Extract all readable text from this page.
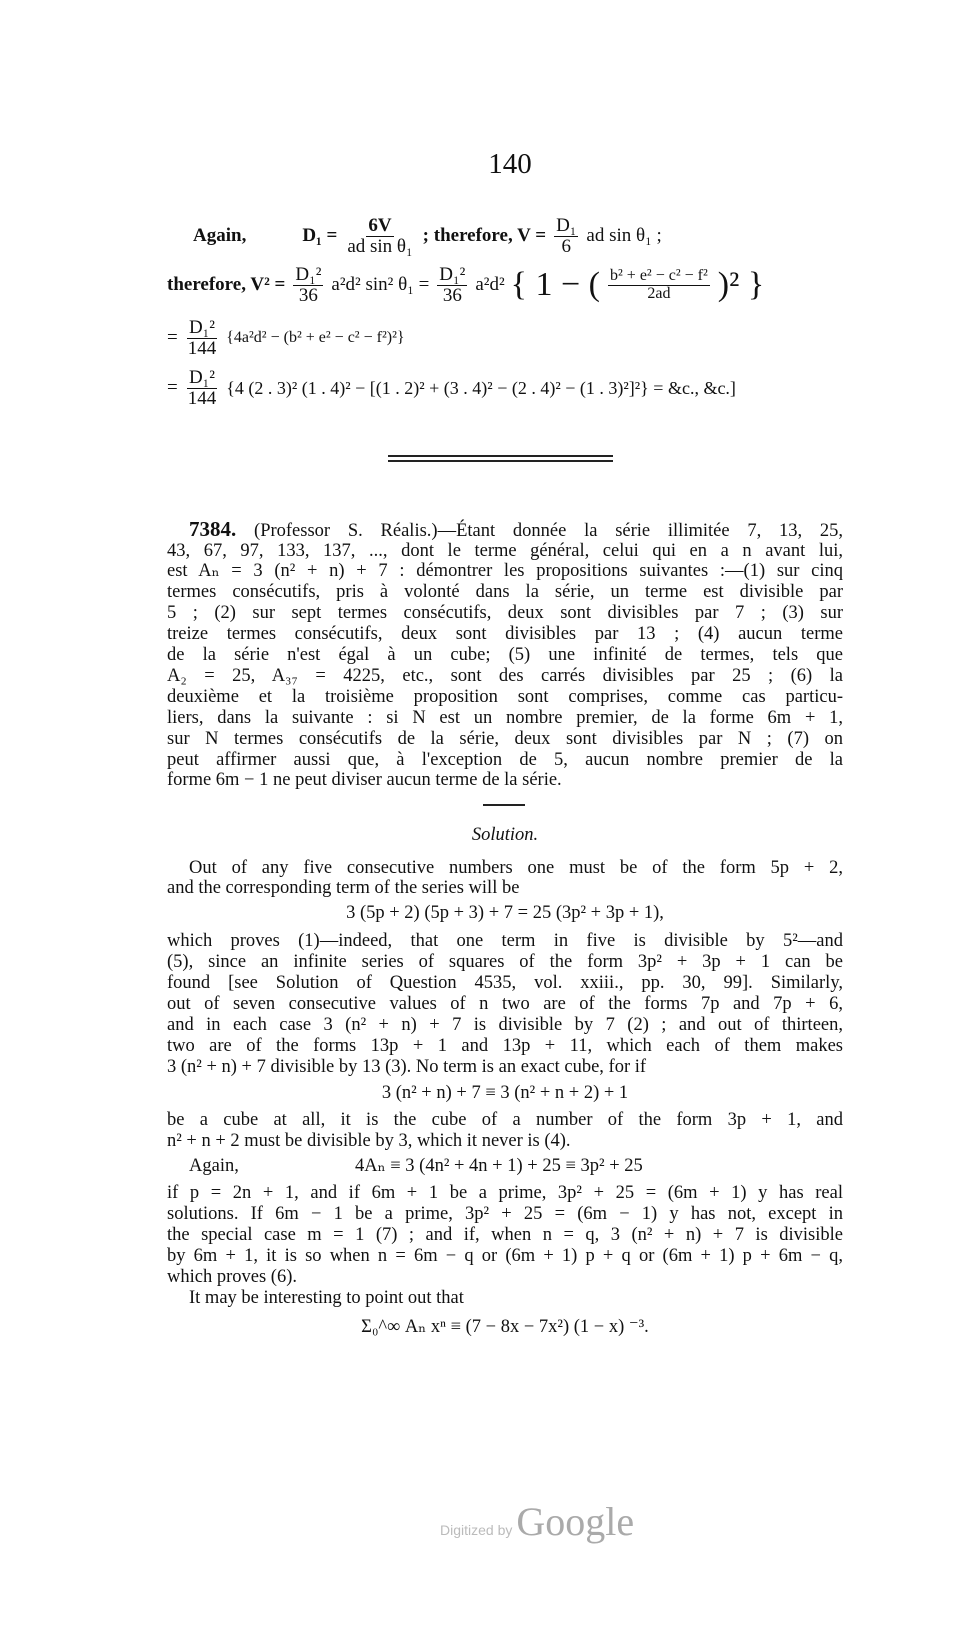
140
Again,	$D_1 = \frac{6V}{\text{ad sin θ₁}}$ ; therefore, $V = \frac{\text{D₁}}{6}$ ad sin θ₁ ;
therefore, $V^2 = \frac{\text{D₁²}}{36} a^2d^2$ sin² $\theta_1 = \frac{\text{D₁²}}{36} a^2d^2$ { 1 − ( $\frac{\text{b² + e² − c² − f²}}{2ad} )^2$ }
= $\frac{\text{D₁²}}{144} \{4a^2d^2 - (b^2 + e^2 - c^2 - f^2)^2\}$
= $\frac{\text{D₁²}}{144} \{4$ (2 . 3)² (1 . 4)² − [(1 . 2)² + (3 . 4)² − (2 . 4)² − (1 . 3)²]²} = &c., &c.]
7384. (Professor S. Réalis.)—Étant donnée la série illimitée 7, 13, 25,
43, 67, 97, 133, 137, ..., dont le terme général, celui qui en a n avant lui,
est Aₙ = 3 (n² + n) + 7 : démontrer les propositions suivantes :—(1) sur cinq
termes consécutifs, pris à volonté dans la série, un terme est divisible par
5 ; (2) sur sept termes consécutifs, deux sont divisibles par 7 ; (3) sur
treize termes consécutifs, deux sont divisibles par 13 ; (4) aucun terme
de la série n'est égal à un cube; (5) une infinité de termes, tels que
A₂ = 25, A₃₇ = 4225, etc., sont des carrés divisibles par 25 ; (6) la
deuxième et la troisième proposition sont comprises, comme cas particu-
liers, dans la suivante : si N est un nombre premier, de la forme 6m + 1,
sur N termes consécutifs de la série, deux sont divisibles par N ; (7) on
peut affirmer aussi que, à l'exception de 5, aucun nombre premier de la
forme 6m − 1 ne peut diviser aucun terme de la série.
Solution.
Out of any five consecutive numbers one must be of the form 5p + 2,
and the corresponding term of the series will be
3 (5p + 2) (5p + 3) + 7 = 25 (3p² + 3p + 1),
which proves (1)—indeed, that one term in five is divisible by 5²—and
(5), since an infinite series of squares of the form 3p² + 3p + 1 can be
found [see Solution of Question 4535, vol. xxiii., pp. 30, 99]. Similarly,
out of seven consecutive values of n two are of the forms 7p and 7p + 6,
and in each case 3 (n² + n) + 7 is divisible by 7 (2) ; and out of thirteen,
two are of the forms 13p + 1 and 13p + 11, which each of them makes
3 (n² + n) + 7 divisible by 13 (3). No term is an exact cube, for if
3 (n² + n) + 7 ≡ 3 (n² + n + 2) + 1
be a cube at all, it is the cube of a number of the form 3p + 1, and
n² + n + 2 must be divisible by 3, which it never is (4).
Again,	4Aₙ ≡ 3 (4n² + 4n + 1) + 25 ≡ 3p² + 25
if p = 2n + 1, and if 6m + 1 be a prime, 3p² + 25 = (6m + 1) y has real
solutions. If 6m − 1 be a prime, 3p² + 25 = (6m − 1) y has not, except in
the special case m = 1 (7) ; and if, when n = q, 3 (n² + n) + 7 is divisible
by 6m + 1, it is so when n = 6m − q or (6m + 1) p + q or (6m + 1) p + 6m − q,
which proves (6).
It may be interesting to point out that
Σ₀^∞ Aₙ xⁿ ≡ (7 − 8x − 7x²) (1 − x) ⁻³.
Digitized by Google
